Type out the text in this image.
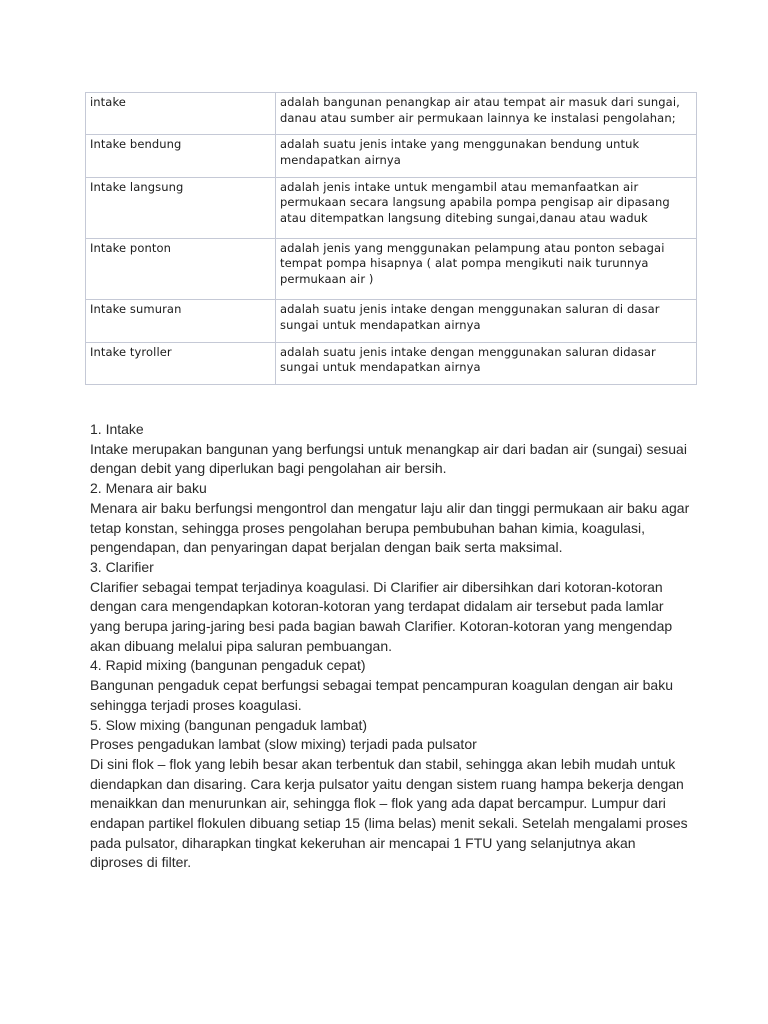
intake	adalah bangunan penangkap air atau tempat air masuk dari sungai, danau atau sumber air permukaan lainnya ke instalasi pengolahan;
Intake bendung	adalah suatu jenis intake yang menggunakan bendung untuk mendapatkan airnya
Intake langsung	adalah jenis intake untuk mengambil atau memanfaatkan air permukaan secara langsung apabila pompa pengisap air dipasang atau ditempatkan langsung ditebing sungai,danau atau waduk
Intake ponton	adalah jenis yang menggunakan pelampung atau ponton sebagai tempat pompa hisapnya ( alat pompa mengikuti naik turunnya permukaan air )
Intake sumuran	adalah suatu jenis intake dengan menggunakan saluran di dasar sungai untuk mendapatkan airnya
Intake tyroller	adalah suatu jenis intake dengan menggunakan saluran didasar sungai untuk mendapatkan airnya

1. Intake

Intake merupakan bangunan yang berfungsi untuk menangkap air dari badan air (sungai) sesuai dengan debit yang diperlukan bagi pengolahan air bersih.

2. Menara air baku

Menara air baku berfungsi mengontrol dan mengatur laju alir dan tinggi permukaan air baku agar tetap konstan, sehingga proses pengolahan berupa pembubuhan bahan kimia, koagulasi, pengendapan, dan penyaringan dapat berjalan dengan baik serta maksimal.

3. Clarifier

Clarifier sebagai tempat terjadinya koagulasi. Di Clarifier air dibersihkan dari kotoran-kotoran dengan cara mengendapkan kotoran-kotoran yang terdapat didalam air tersebut pada lamlar yang berupa jaring-jaring besi pada bagian bawah Clarifier. Kotoran-kotoran yang mengendap akan dibuang melalui pipa saluran pembuangan.

4. Rapid mixing (bangunan pengaduk cepat)

Bangunan pengaduk cepat berfungsi sebagai tempat pencampuran koagulan dengan air baku sehingga terjadi proses koagulasi.

5. Slow mixing (bangunan pengaduk lambat)

Proses pengadukan lambat (slow mixing) terjadi pada pulsator

Di sini flok – flok yang lebih besar akan terbentuk dan stabil, sehingga akan lebih mudah untuk diendapkan dan disaring. Cara kerja pulsator yaitu dengan sistem ruang hampa bekerja dengan menaikkan dan menurunkan air, sehingga flok – flok yang ada dapat bercampur. Lumpur dari endapan partikel flokulen dibuang setiap 15 (lima belas) menit sekali. Setelah mengalami proses pada pulsator, diharapkan tingkat kekeruhan air mencapai 1 FTU yang selanjutnya akan diproses di filter.
